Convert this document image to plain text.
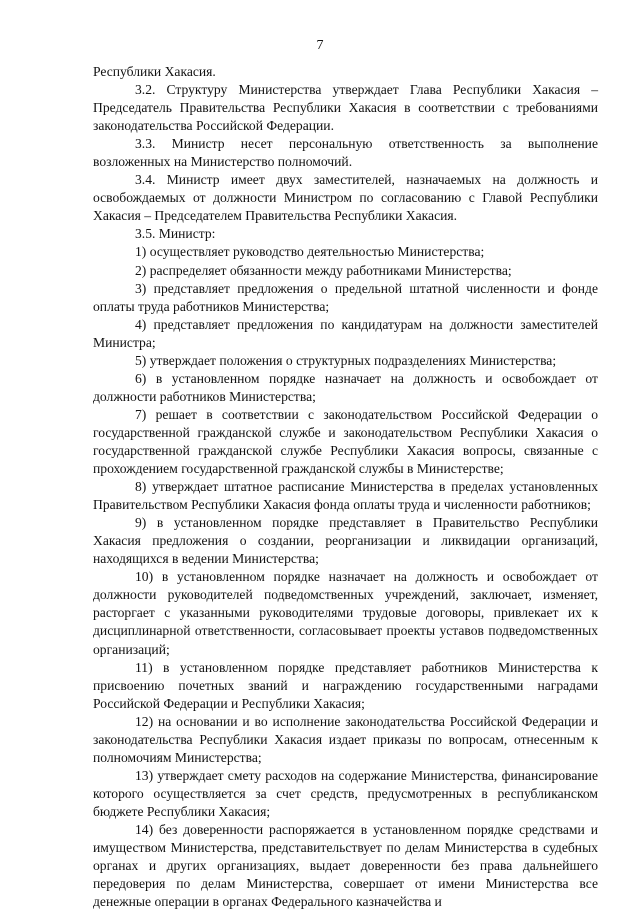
7

Республики Хакасия.

3.2. Структуру Министерства утверждает Глава Республики Хакасия – Председатель Правительства Республики Хакасия в соответствии с требованиями законодательства Российской Федерации.

3.3. Министр несет персональную ответственность за выполнение возложенных на Министерство полномочий.

3.4. Министр имеет двух заместителей, назначаемых на должность и освобождаемых от должности Министром по согласованию с Главой Республики Хакасия – Председателем Правительства Республики Хакасия.

3.5. Министр:

1) осуществляет руководство деятельностью Министерства;

2) распределяет обязанности между работниками Министерства;

3) представляет предложения о предельной штатной численности и фонде оплаты труда работников Министерства;

4) представляет предложения по кандидатурам на должности заместителей Министра;

5) утверждает положения о структурных подразделениях Министерства;

6) в установленном порядке назначает на должность и освобождает от должности работников Министерства;

7) решает в соответствии с законодательством Российской Федерации о государственной гражданской службе и законодательством Республики Хакасия о государственной гражданской службе Республики Хакасия вопросы, связанные с прохождением государственной гражданской службы в Министерстве;

8) утверждает штатное расписание Министерства в пределах установленных Правительством Республики Хакасия фонда оплаты труда и численности работников;

9) в установленном порядке представляет в Правительство Республики Хакасия предложения о создании, реорганизации и ликвидации организаций, находящихся в ведении Министерства;

10) в установленном порядке назначает на должность и освобождает от должности руководителей подведомственных учреждений, заключает, изменяет, расторгает с указанными руководителями трудовые договоры, привлекает их к дисциплинарной ответственности, согласовывает проекты уставов подведомственных организаций;

11) в установленном порядке представляет работников Министерства к присвоению почетных званий и награждению государственными наградами Российской Федерации и Республики Хакасия;

12) на основании и во исполнение законодательства Российской Федерации и законодательства Республики Хакасия издает приказы по вопросам, отнесенным к полномочиям Министерства;

13) утверждает смету расходов на содержание Министерства, финансирование которого осуществляется за счет средств, предусмотренных в республиканском бюджете Республики Хакасия;

14) без доверенности распоряжается в установленном порядке средствами и имуществом Министерства, представительствует по делам Министерства в судебных органах и других организациях, выдает доверенности без права дальнейшего передоверия по делам Министерства, совершает от имени Министерства все денежные операции в органах Федерального казначейства и
